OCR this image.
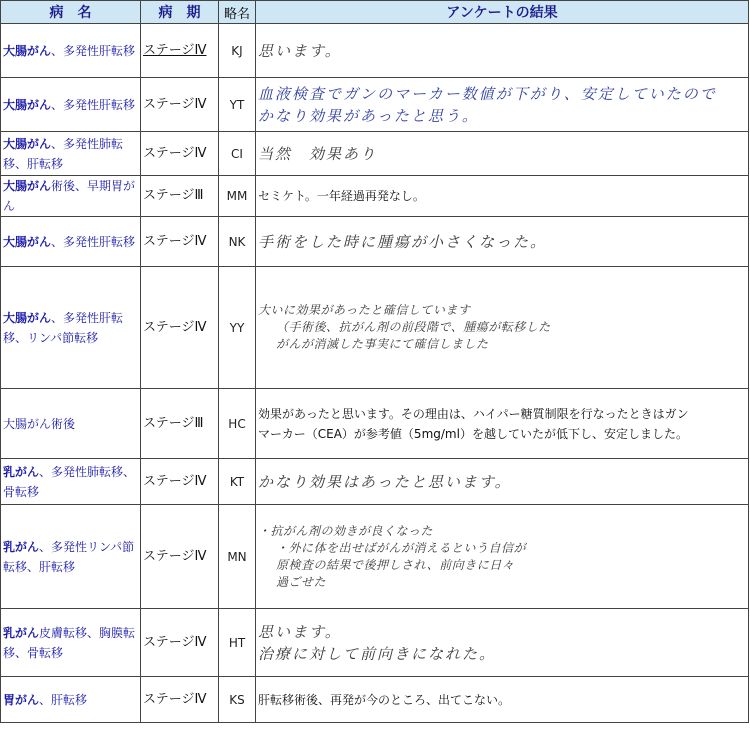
病　名	病　期	略名	アンケートの結果
大腸がん、多発性肝転移	ステージⅣ	KJ	思います。

大腸がん、多発性肝転移	ステージⅣ	YT	血液検査でガンのマーカー数値が下がり、安定していたので
かなり効果があったと思う。

大腸がん、多発性肺転移、肝転移	ステージⅣ	CI	当然　効果あり

大腸がん術後、早期胃がん	ステージⅢ	MM	セミケト。一年経過再発なし。

大腸がん、多発性肝転移	ステージⅣ	NK	手術をした時に腫瘍が小さくなった。

大腸がん、多発性肝転移、リンパ節転移	ステージⅣ	YY	大いに効果があったと確信しています
（手術後、抗がん剤の前段階で、腫瘍が転移した
がんが消滅した事実にて確信しました

大腸がん術後	ステージⅢ	HC	効果があったと思います。その理由は、ハイパー糖質制限を行なったときはガン
マーカー（CEA）が参考値（5mg/ml）を越していたが低下し、安定しました。

乳がん、多発性肺転移、骨転移	ステージⅣ	KT	かなり効果はあったと思います。

乳がん、多発性リンパ節転移、肝転移	ステージⅣ	MN	・抗がん剤の効きが良くなった
・外に体を出せばがんが消えるという自信が
原検査の結果で後押しされ、前向きに日々
過ごせた

乳がん皮膚転移、胸膜転移、骨転移	ステージⅣ	HT	思います。
治療に対して前向きになれた。

胃がん、肝転移	ステージⅣ	KS	肝転移術後、再発が今のところ、出てこない。
